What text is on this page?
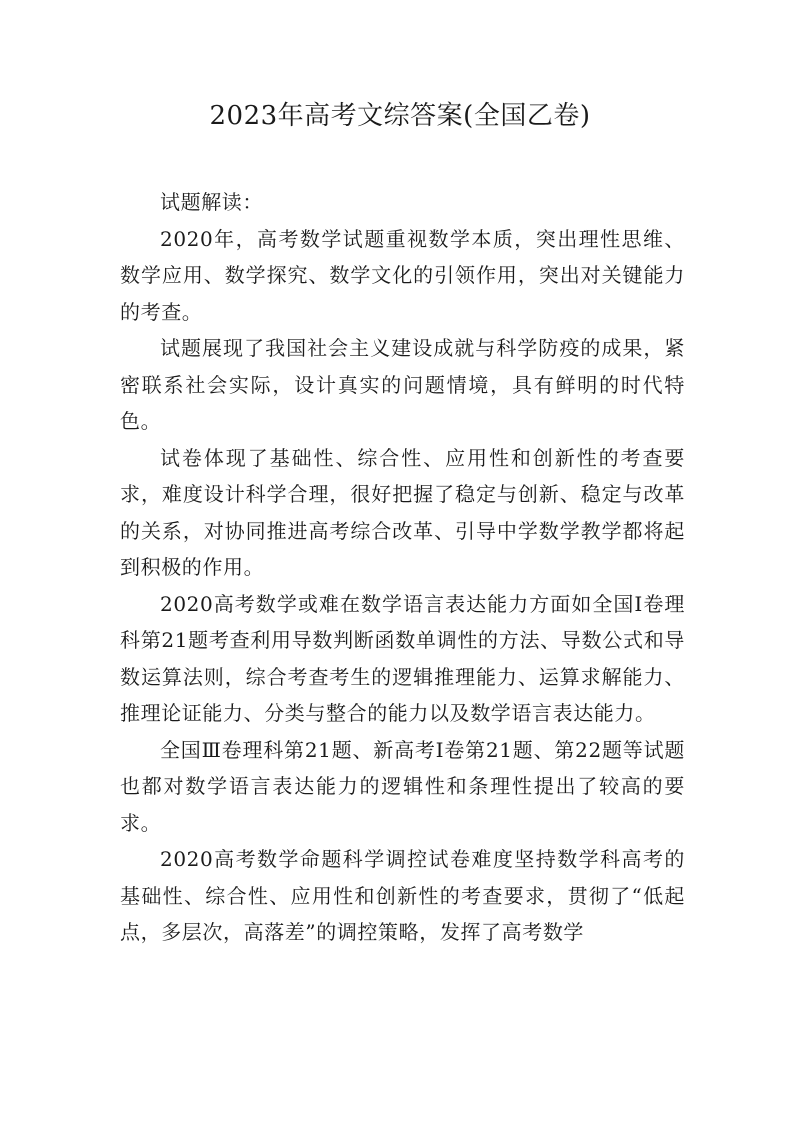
2023年高考文综答案(全国乙卷)

试题解读：

2020年，高考数学试题重视数学本质，突出理性思维、数学应用、数学探究、数学文化的引领作用，突出对关键能力的考查。

试题展现了我国社会主义建设成就与科学防疫的成果，紧密联系社会实际，设计真实的问题情境，具有鲜明的时代特色。

试卷体现了基础性、综合性、应用性和创新性的考查要求，难度设计科学合理，很好把握了稳定与创新、稳定与改革的关系，对协同推进高考综合改革、引导中学数学教学都将起到积极的作用。

2020高考数学或难在数学语言表达能力方面如全国Ⅰ卷理科第21题考查利用导数判断函数单调性的方法、导数公式和导数运算法则，综合考查考生的逻辑推理能力、运算求解能力、推理论证能力、分类与整合的能力以及数学语言表达能力。

全国Ⅲ卷理科第21题、新高考Ⅰ卷第21题、第22题等试题也都对数学语言表达能力的逻辑性和条理性提出了较高的要求。

2020高考数学命题科学调控试卷难度坚持数学科高考的基础性、综合性、应用性和创新性的考查要求，贯彻了“低起点，多层次，高落差”的调控策略，发挥了高考数学
